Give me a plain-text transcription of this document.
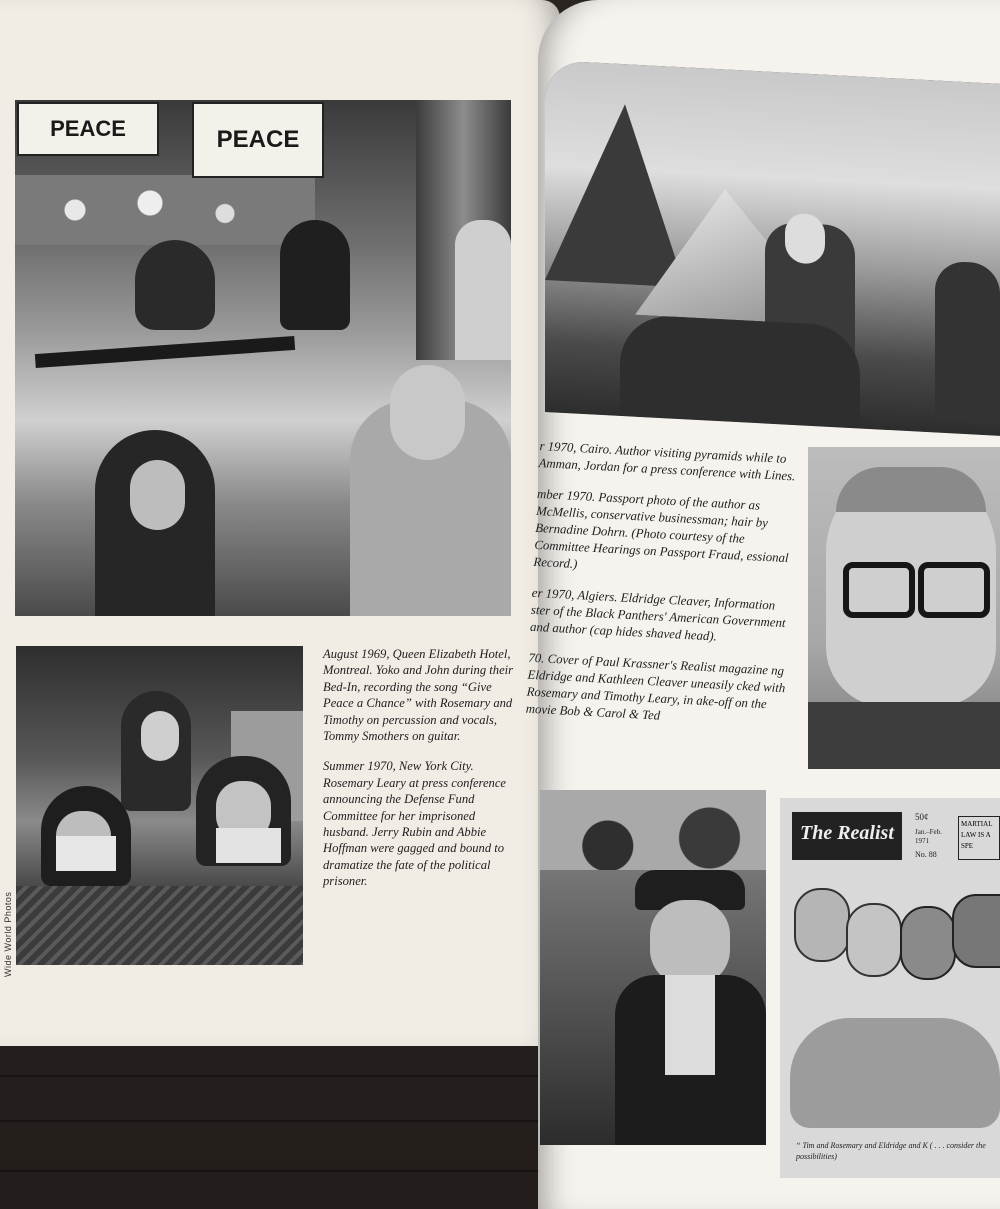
PEACE	PEACE

August 1969, Queen Elizabeth Hotel, Montreal. Yoko and John during their Bed-In, recording the song “Give Peace a Chance” with Rosemary and Timothy on percussion and vocals, Tommy Smothers on guitar.

Summer 1970, New York City. Rosemary Leary at press conference announcing the Defense Fund Committee for her imprisoned husband. Jerry Rubin and Abbie Hoffman were gagged and bound to dramatize the fate of the political prisoner.

Wide World Photos

r 1970, Cairo. Author visiting pyramids while to Amman, Jordan for a press conference with Lines.

mber 1970. Passport photo of the author as McMellis, conservative businessman; hair by Bernadine Dohrn. (Photo courtesy of the Committee Hearings on Passport Fraud, essional Record.)

er 1970, Algiers. Eldridge Cleaver, Information ster of the Black Panthers' American Government and author (cap hides shaved head).

70. Cover of Paul Krassner's Realist magazine ng Eldridge and Kathleen Cleaver uneasily cked with Rosemary and Timothy Leary, in ake-off on the movie Bob & Carol & Ted

The Realist
50¢
Jan.–Feb. 1971
No. 88
MARTIAL LAW IS A SPE
“ Tim and Rosemary and Eldridge and K ( . . . consider the possibilities)
